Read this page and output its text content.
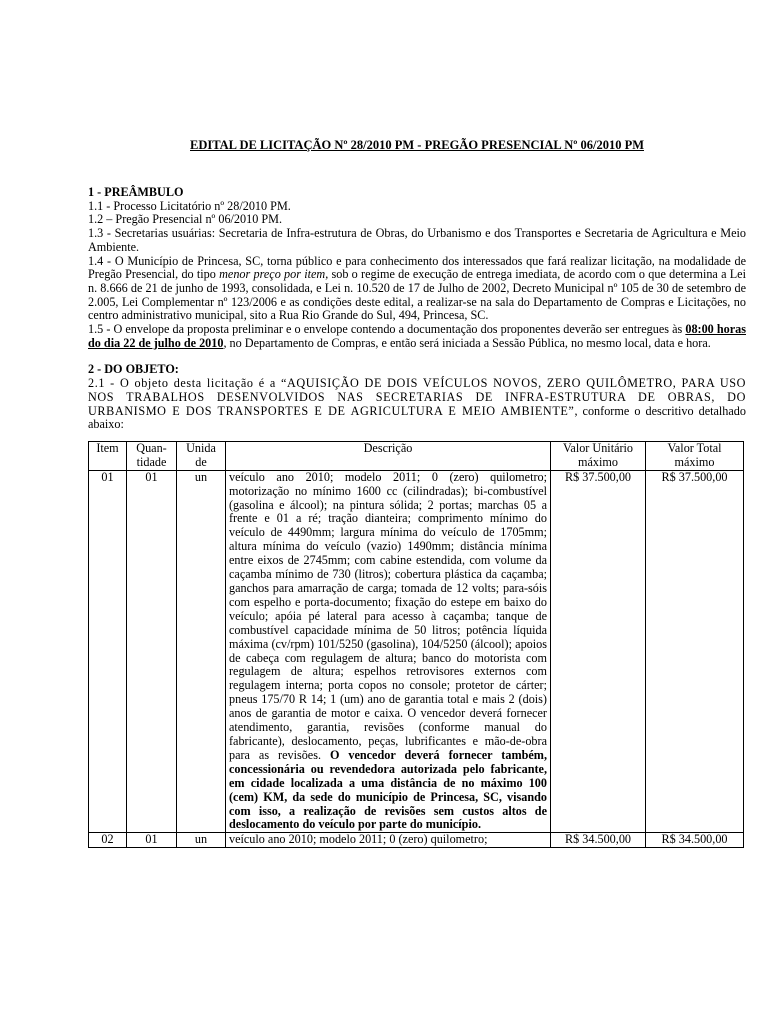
EDITAL DE LICITAÇÃO Nº 28/2010 PM - PREGÃO PRESENCIAL Nº 06/2010 PM

1 - PREÂMBULO

1.1 - Processo Licitatório nº 28/2010 PM.

1.2 – Pregão Presencial nº 06/2010 PM.

1.3 - Secretarias usuárias: Secretaria de Infra-estrutura de Obras, do Urbanismo e dos Transportes e Secretaria de Agricultura e Meio Ambiente.

1.4 - O Município de Princesa, SC, torna público e para conhecimento dos interessados que fará realizar licitação, na modalidade de Pregão Presencial, do tipo menor preço por item, sob o regime de execução de entrega imediata, de acordo com o que determina a Lei n. 8.666 de 21 de junho de 1993, consolidada, e Lei n. 10.520 de 17 de Julho de 2002, Decreto Municipal nº 105 de 30 de setembro de 2.005, Lei Complementar nº 123/2006 e as condições deste edital, a realizar-se na sala do Departamento de Compras e Licitações, no centro administrativo municipal, sito a Rua Rio Grande do Sul, 494, Princesa, SC.

1.5 - O envelope da proposta preliminar e o envelope contendo a documentação dos proponentes deverão ser entregues às 08:00 horas do dia 22 de julho de 2010, no Departamento de Compras, e então será iniciada a Sessão Pública, no mesmo local, data e hora.

2 - DO OBJETO:

2.1 - O objeto desta licitação é a “AQUISIÇÃO DE DOIS VEÍCULOS NOVOS, ZERO QUILÔMETRO, PARA USO NOS TRABALHOS DESENVOLVIDOS NAS SECRETARIAS DE INFRA-ESTRUTURA DE OBRAS, DO URBANISMO E DOS TRANSPORTES E DE AGRICULTURA E MEIO AMBIENTE”, conforme o descritivo detalhado abaixo:

Item	Quan-tidade	Unida de	Descrição	Valor Unitário máximo	Valor Total máximo
01	01	un	veículo ano 2010; modelo 2011; 0 (zero) quilometro; motorização no mínimo 1600 cc (cilindradas); bi-combustível (gasolina e álcool); na pintura sólida; 2 portas; marchas 05 a frente e 01 a ré; tração dianteira; comprimento mínimo do veículo de 4490mm; largura mínima do veículo de 1705mm; altura mínima do veículo (vazio) 1490mm; distância mínima entre eixos de 2745mm; com cabine estendida, com volume da caçamba mínimo de 730 (litros); cobertura plástica da caçamba; ganchos para amarração de carga; tomada de 12 volts; para-sóis com espelho e porta-documento; fixação do estepe em baixo do veículo; apóia pé lateral para acesso à caçamba; tanque de combustível capacidade mínima de 50 litros; potência líquida máxima (cv/rpm) 101/5250 (gasolina), 104/5250 (álcool); apoios de cabeça com regulagem de altura; banco do motorista com regulagem de altura; espelhos retrovisores externos com regulagem interna; porta copos no console; protetor de cárter; pneus 175/70 R 14; 1 (um) ano de garantia total e mais 2 (dois) anos de garantia de motor e caixa. O vencedor deverá fornecer atendimento, garantia, revisões (conforme manual do fabricante), deslocamento, peças, lubrificantes e mão-de-obra para as revisões. O vencedor deverá fornecer também, concessionária ou revendedora autorizada pelo fabricante, em cidade localizada a uma distância de no máximo 100 (cem) KM, da sede do município de Princesa, SC, visando com isso, a realização de revisões sem custos altos de deslocamento do veículo por parte do município.	R$ 37.500,00	R$ 37.500,00
02	01	un	veículo ano 2010; modelo 2011; 0 (zero) quilometro;	R$ 34.500,00	R$ 34.500,00
